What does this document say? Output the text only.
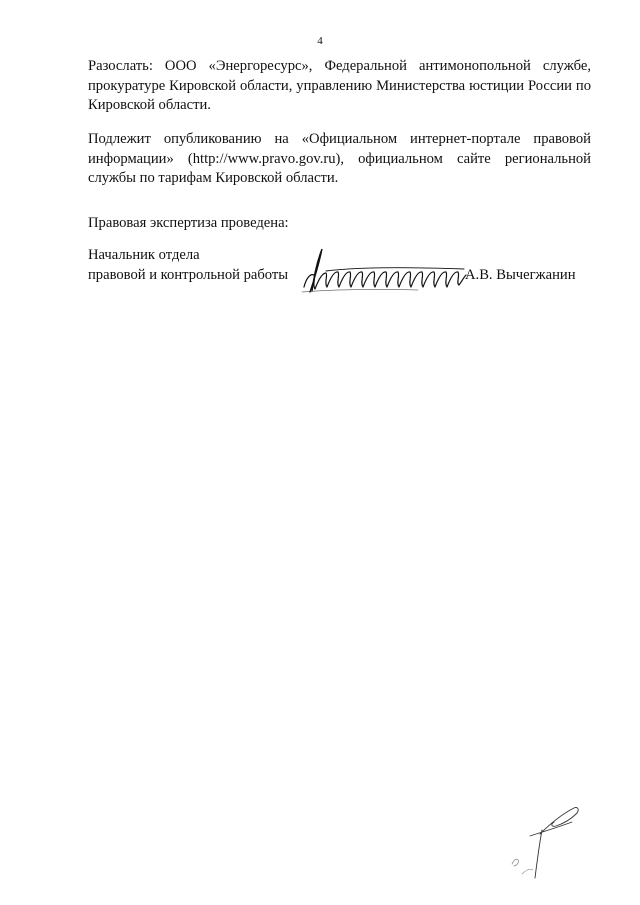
4

Разослать: ООО «Энергоресурс», Федеральной антимонопольной службе, прокуратуре Кировской области, управлению Министерства юстиции России по Кировской области.

Подлежит опубликованию на «Официальном интернет-портале правовой информации» (http://www.pravo.gov.ru), официальном сайте региональной службы по тарифам Кировской области.

Правовая экспертиза проведена:

Начальник отдела
правовой и контрольной работы	А.В. Вычегжанин
